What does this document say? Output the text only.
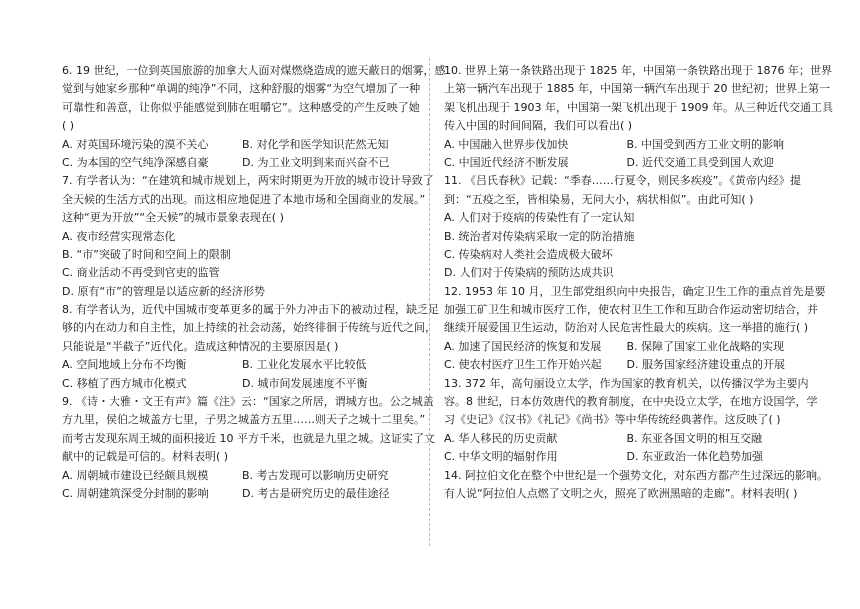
6. 19 世纪，一位到英国旅游的加拿大人面对煤燃烧造成的遮天蔽日的烟雾，感
觉到与她家乡那种“单调的纯净”不同，这种舒服的烟雾“为空气增加了一种
可靠性和善意，让你似乎能感觉到肺在咀嚼它”。这种感受的产生反映了她
( )
A. 对英国环境污染的漠不关心	B. 对化学和医学知识茫然无知
C. 为本国的空气纯净深感自豪	D. 为工业文明到来而兴奋不已
7. 有学者认为：“在建筑和城市规划上，两宋时期更为开放的城市设计导致了
全天候的生活方式的出现。而这相应地促进了本地市场和全国商业的发展。”
这种“更为开放”“全天候”的城市景象表现在( )
A. 夜市经营实现常态化
B. “市”突破了时间和空间上的限制
C. 商业活动不再受到官吏的监管
D. 原有“市”的管理是以适应新的经济形势
8. 有学者认为，近代中国城市变革更多的属于外力冲击下的被动过程，缺乏足
够的内在动力和自主性，加上持续的社会动荡，始终徘徊于传统与近代之间，
只能说是“半截子”近代化。造成这种情况的主要原因是( )
A. 空间地域上分布不均衡	B. 工业化发展水平比较低
C. 移植了西方城市化模式	D. 城市间发展速度不平衡
9. 《诗・大雅・文王有声》篇《注》云：“国家之所居，谓城方也。公之城盖
方九里，侯伯之城盖方七里，子男之城盖方五里……则天子之城十二里矣。”
而考古发现东周王城的面积接近 10 平方千米，也就是九里之城。这证实了文
献中的记载是可信的。材料表明( )
A. 周朝城市建设已经颇具规模	B. 考古发现可以影响历史研究
C. 周朝建筑深受分封制的影响	D. 考古是研究历史的最佳途径
10. 世界上第一条铁路出现于 1825 年，中国第一条铁路出现于 1876 年；世界
上第一辆汽车出现于 1885 年，中国第一辆汽车出现于 20 世纪初；世界上第一
架飞机出现于 1903 年，中国第一架飞机出现于 1909 年。从三种近代交通工具
传入中国的时间间隔，我们可以看出( )
A. 中国融入世界步伐加快	B. 中国受到西方工业文明的影响
C. 中国近代经济不断发展	D. 近代交通工具受到国人欢迎
11. 《吕氏春秋》记载：“季春……行夏令，则民多疾疫”。《黄帝内经》提
到：“五疫之至，皆相染易，无问大小，病状相似”。由此可知( )
A. 人们对于疫病的传染性有了一定认知
B. 统治者对传染病采取一定的防治措施
C. 传染病对人类社会造成极大破坏
D. 人们对于传染病的预防达成共识
12. 1953 年 10 月，卫生部党组织向中央报告，确定卫生工作的重点首先是要
加强工矿卫生和城市医疗工作，使农村卫生工作和互助合作运动密切结合，并
继续开展爱国卫生运动，防治对人民危害性最大的疾病。这一举措的施行( )
A. 加速了国民经济的恢复和发展	B. 保障了国家工业化战略的实现
C. 使农村医疗卫生工作开始兴起	D. 服务国家经济建设重点的开展
13. 372 年，高句丽设立太学，作为国家的教育机关，以传播汉学为主要内
容。8 世纪，日本仿效唐代的教育制度，在中央设立太学，在地方设国学，学
习《史记》《汉书》《礼记》《尚书》等中华传统经典著作。这反映了( )
A. 华人移民的历史贡献	B. 东亚各国文明的相互交融
C. 中华文明的辐射作用	D. 东亚政治一体化趋势加强
14. 阿拉伯文化在整个中世纪是一个强势文化，对东西方都产生过深远的影响。
有人说“阿拉伯人点燃了文明之火，照亮了欧洲黑暗的走廊”。材料表明( )
